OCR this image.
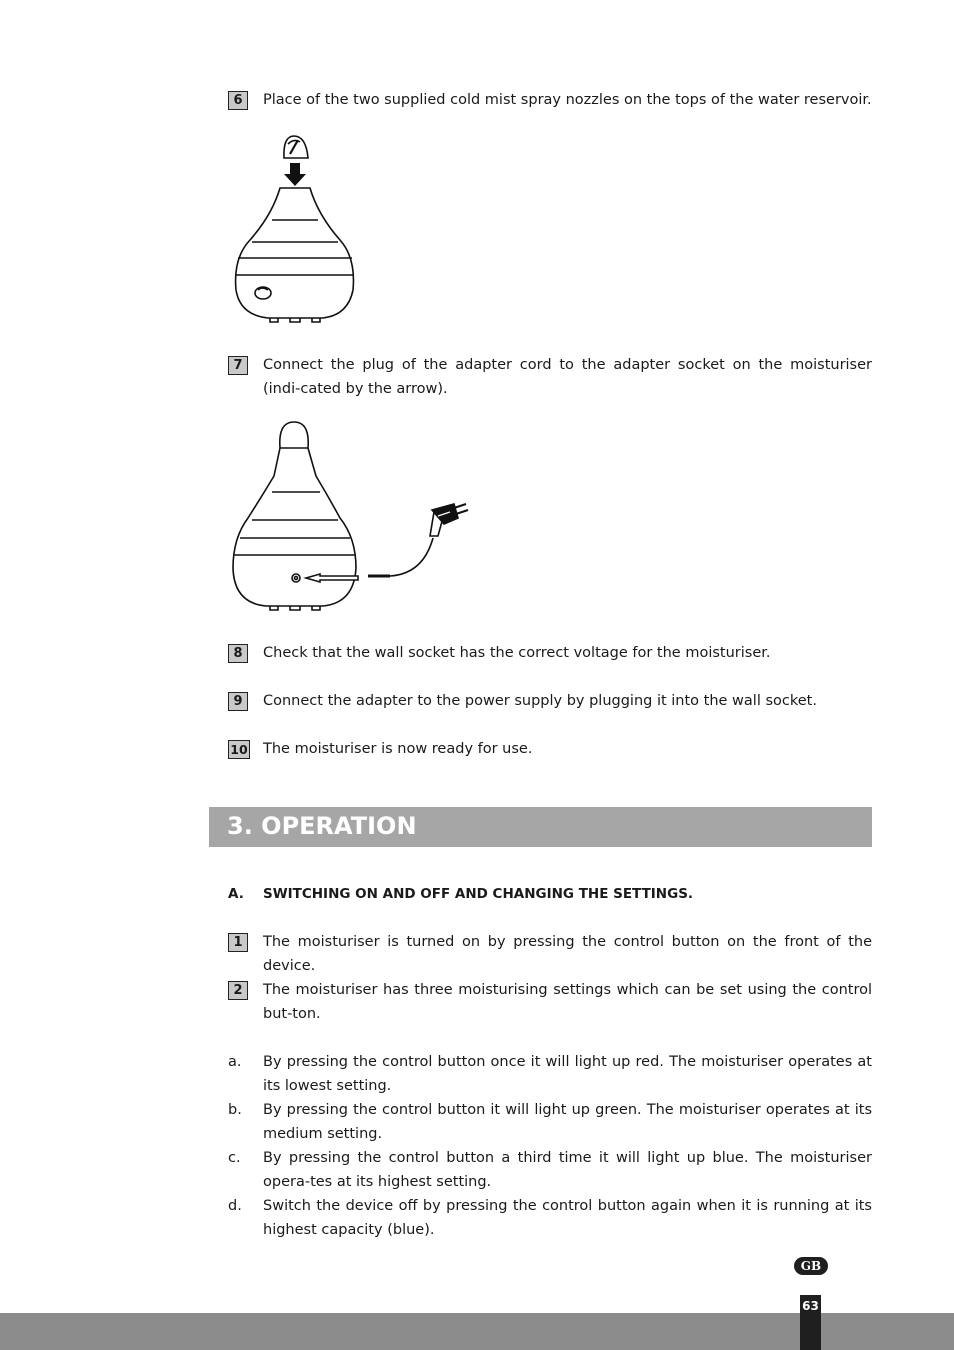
6	Place of the two supplied cold mist spray nozzles on the tops of the water reservoir.
7	Connect the plug of the adapter cord to the adapter socket on the moisturiser (indi-cated by the arrow).
8	Check that the wall socket has the correct voltage for the moisturiser.
9	Connect the adapter to the power supply by plugging it into the wall socket.
10 The moisturiser is now ready for use.
3. OPERATION
A. SWITCHING ON AND OFF AND CHANGING THE SETTINGS.
1	The moisturiser is turned on by pressing the control button on the front of the device.
2	The moisturiser has three moisturising settings which can be set using the control but-ton.
a. By pressing the control button once it will light up red. The moisturiser operates at its lowest setting.
b. By pressing the control button it will light up green. The moisturiser operates at its medium setting.
c. By pressing the control button a third time it will light up blue. The moisturiser opera-tes at its highest setting.
d. Switch the device off by pressing the control button again when it is running at its highest capacity (blue).
GB
63
